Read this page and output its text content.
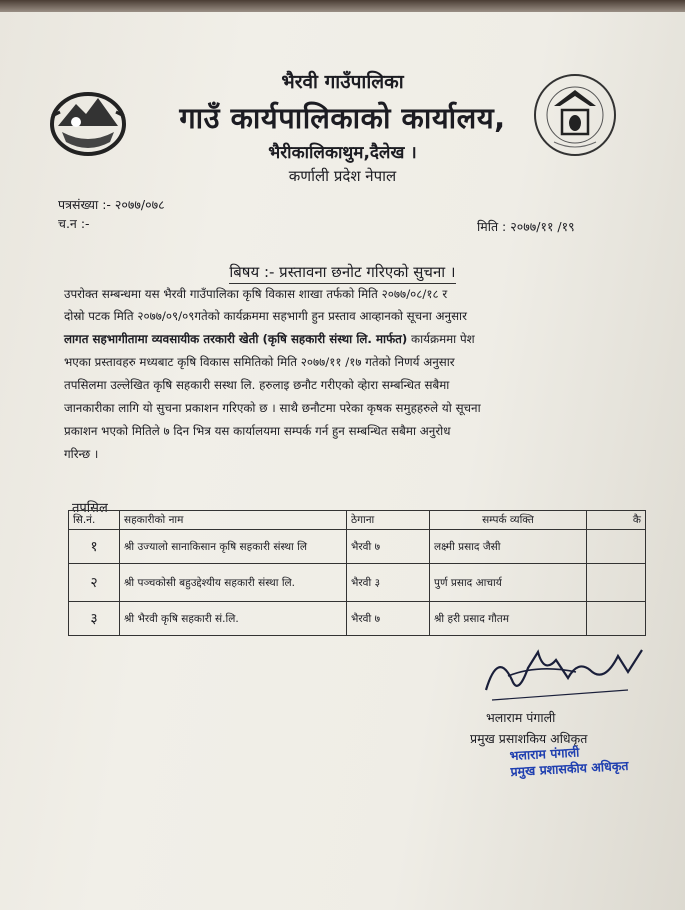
भैरवी गाउँपालिका
गाउँ कार्यपालिकाको कार्यालय,
भैरीकालिकाथुम,दैलेख ।
कर्णाली प्रदेश नेपाल
पत्रसंख्या :- २०७७/०७८
च.न :-	मिति : २०७७/११ /१९
बिषय :- प्रस्तावना छनोट गरिएको सुचना ।
उपरोक्त सम्बन्धमा यस भैरवी गाउँपालिका कृषि विकास शाखा तर्फको मिति २०७७/०८/१८ र
दोस्रो पटक मिति २०७७/०९/०९गतेको कार्यक्रममा सहभागी हुन प्रस्ताव आव्हानको सूचना अनुसार
लागत सहभागीतामा व्यवसायीक तरकारी खेती (कृषि सहकारी संस्था लि. मार्फत) कार्यक्रममा पेश
भएका प्रस्तावहरु मध्यबाट कृषि विकास समितिको मिति २०७७/११ /१७ गतेको निणर्य अनुसार
तपसिलमा उल्लेखित कृषि सहकारी सस्था लि. हरुलाइ छनौट गरीएको व्हेारा सम्बन्धित सबैमा
जानकारीका लागि यो सुचना प्रकाशन गरिएको छ । साथै छनौटमा परेका कृषक समुहहरुले यो सूचना
प्रकाशन भएको मितिले ७ दिन भित्र यस कार्यालयमा सम्पर्क गर्न हुन सम्बन्धित सबैमा अनुरोध
गरिन्छ ।
तपसिल
सि.नं.	सहकारीको नाम	ठेगाना	सम्पर्क व्यक्ति	कै
१	श्री उज्यालो सानाकिसान कृषि सहकारी संस्था लि	भैरवी ७	लक्ष्मी प्रसाद जैसी	
२	श्री पञ्चकोसी बहुउद्देश्यीय सहकारी संस्था लि.	भैरवी ३	पुर्ण प्रसाद आचार्य	
३	श्री भैरवी कृषि सहकारी सं.लि.	भैरवी ७	श्री हरी प्रसाद गौतम	
भलाराम पंगाली
प्रमुख प्रसाशकिय अधिकृत
भलाराम पंगाली
प्रमुख प्रशासकीय अधिकृत
